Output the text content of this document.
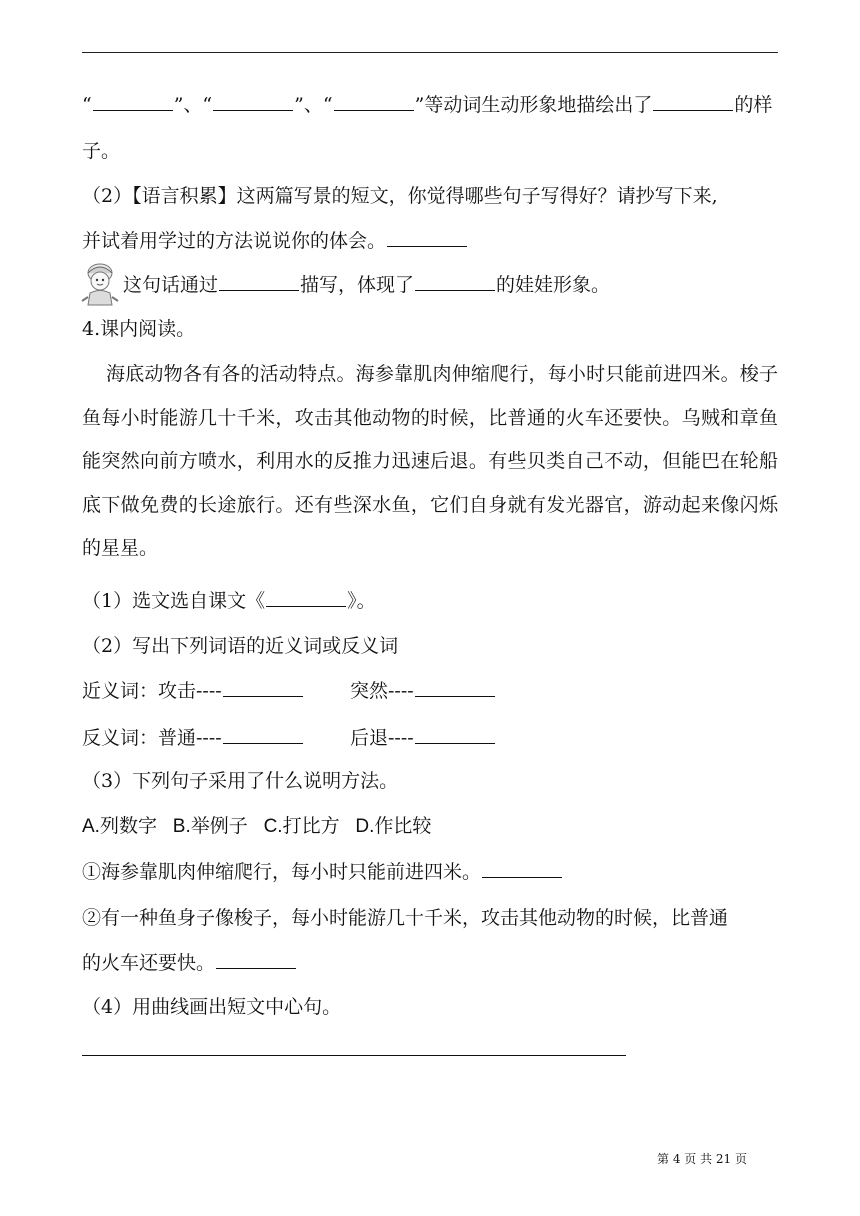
“	”、“	”、“	”等动词生动形象地描绘出了	的样
子。
（2）【语言积累】这两篇写景的短文，你觉得哪些句子写得好？请抄写下来,
并试着用学过的方法说说你的体会。
这句话通过	描写，体现了	的娃娃形象。
4.课内阅读。
海底动物各有各的活动特点。海参靠肌肉伸缩爬行，每小时只能前进四米。梭子鱼每小时能游几十千米，攻击其他动物的时候，比普通的火车还要快。乌贼和章鱼能突然向前方喷水，利用水的反推力迅速后退。有些贝类自己不动，但能巴在轮船底下做免费的长途旅行。还有些深水鱼，它们自身就有发光器官，游动起来像闪烁的星星。
（1）选文选自课文《	》。
（2）写出下列词语的近义词或反义词
近义词：攻击----	突然----
反义词：普通----	后退----
（3）下列句子采用了什么说明方法。
A.列数字   B.举例子   C.打比方   D.作比较
①海参靠肌肉伸缩爬行，每小时只能前进四米。
②有一种鱼身子像梭子，每小时能游几十千米，攻击其他动物的时候，比普通
的火车还要快。
（4）用曲线画出短文中心句。
第 4 页 共 21 页
